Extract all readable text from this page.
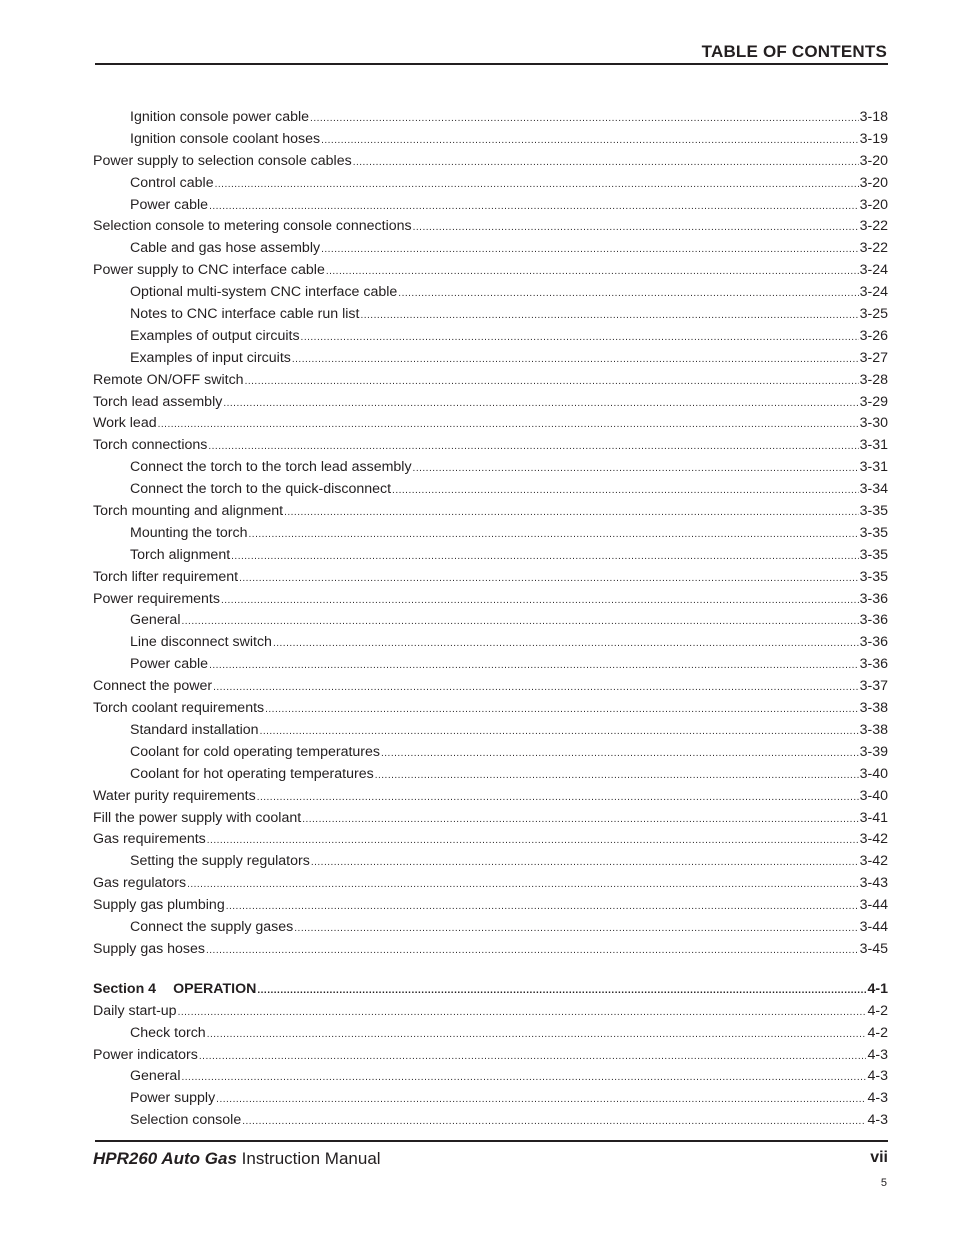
TABLE OF CONTENTS
Ignition console power cable .....	3-18
Ignition console coolant hoses .....	3-19
Power supply to selection console cables .....	3-20
Control cable .....	3-20
Power cable .....	3-20
Selection console to metering console connections .....	3-22
Cable and gas hose assembly .....	3-22
Power supply to CNC interface cable .....	3-24
Optional multi-system CNC interface cable .....	3-24
Notes to CNC interface cable run list .....	3-25
Examples of output circuits .....	3-26
Examples of input circuits .....	3-27
Remote ON/OFF switch .....	3-28
Torch lead assembly .....	3-29
Work lead .....	3-30
Torch connections .....	3-31
Connect the torch to the torch lead assembly .....	3-31
Connect the torch to the quick-disconnect .....	3-34
Torch mounting and alignment .....	3-35
Mounting the torch .....	3-35
Torch alignment .....	3-35
Torch lifter requirement .....	3-35
Power requirements .....	3-36
General .....	3-36
Line disconnect switch .....	3-36
Power cable .....	3-36
Connect the power .....	3-37
Torch coolant requirements .....	3-38
Standard installation .....	3-38
Coolant for cold operating temperatures .....	3-39
Coolant for hot operating temperatures .....	3-40
Water purity requirements .....	3-40
Fill the power supply with coolant .....	3-41
Gas requirements .....	3-42
Setting the supply regulators .....	3-42
Gas regulators .....	3-43
Supply gas plumbing .....	3-44
Connect the supply gases .....	3-44
Supply gas hoses .....	3-45
Section 4 OPERATION .....	4-1
Daily start-up .....	4-2
Check torch .....	4-2
Power indicators .....	4-3
General .....	4-3
Power supply .....	4-3
Selection console .....	4-3
HPR260 Auto Gas Instruction Manual	vii
5
